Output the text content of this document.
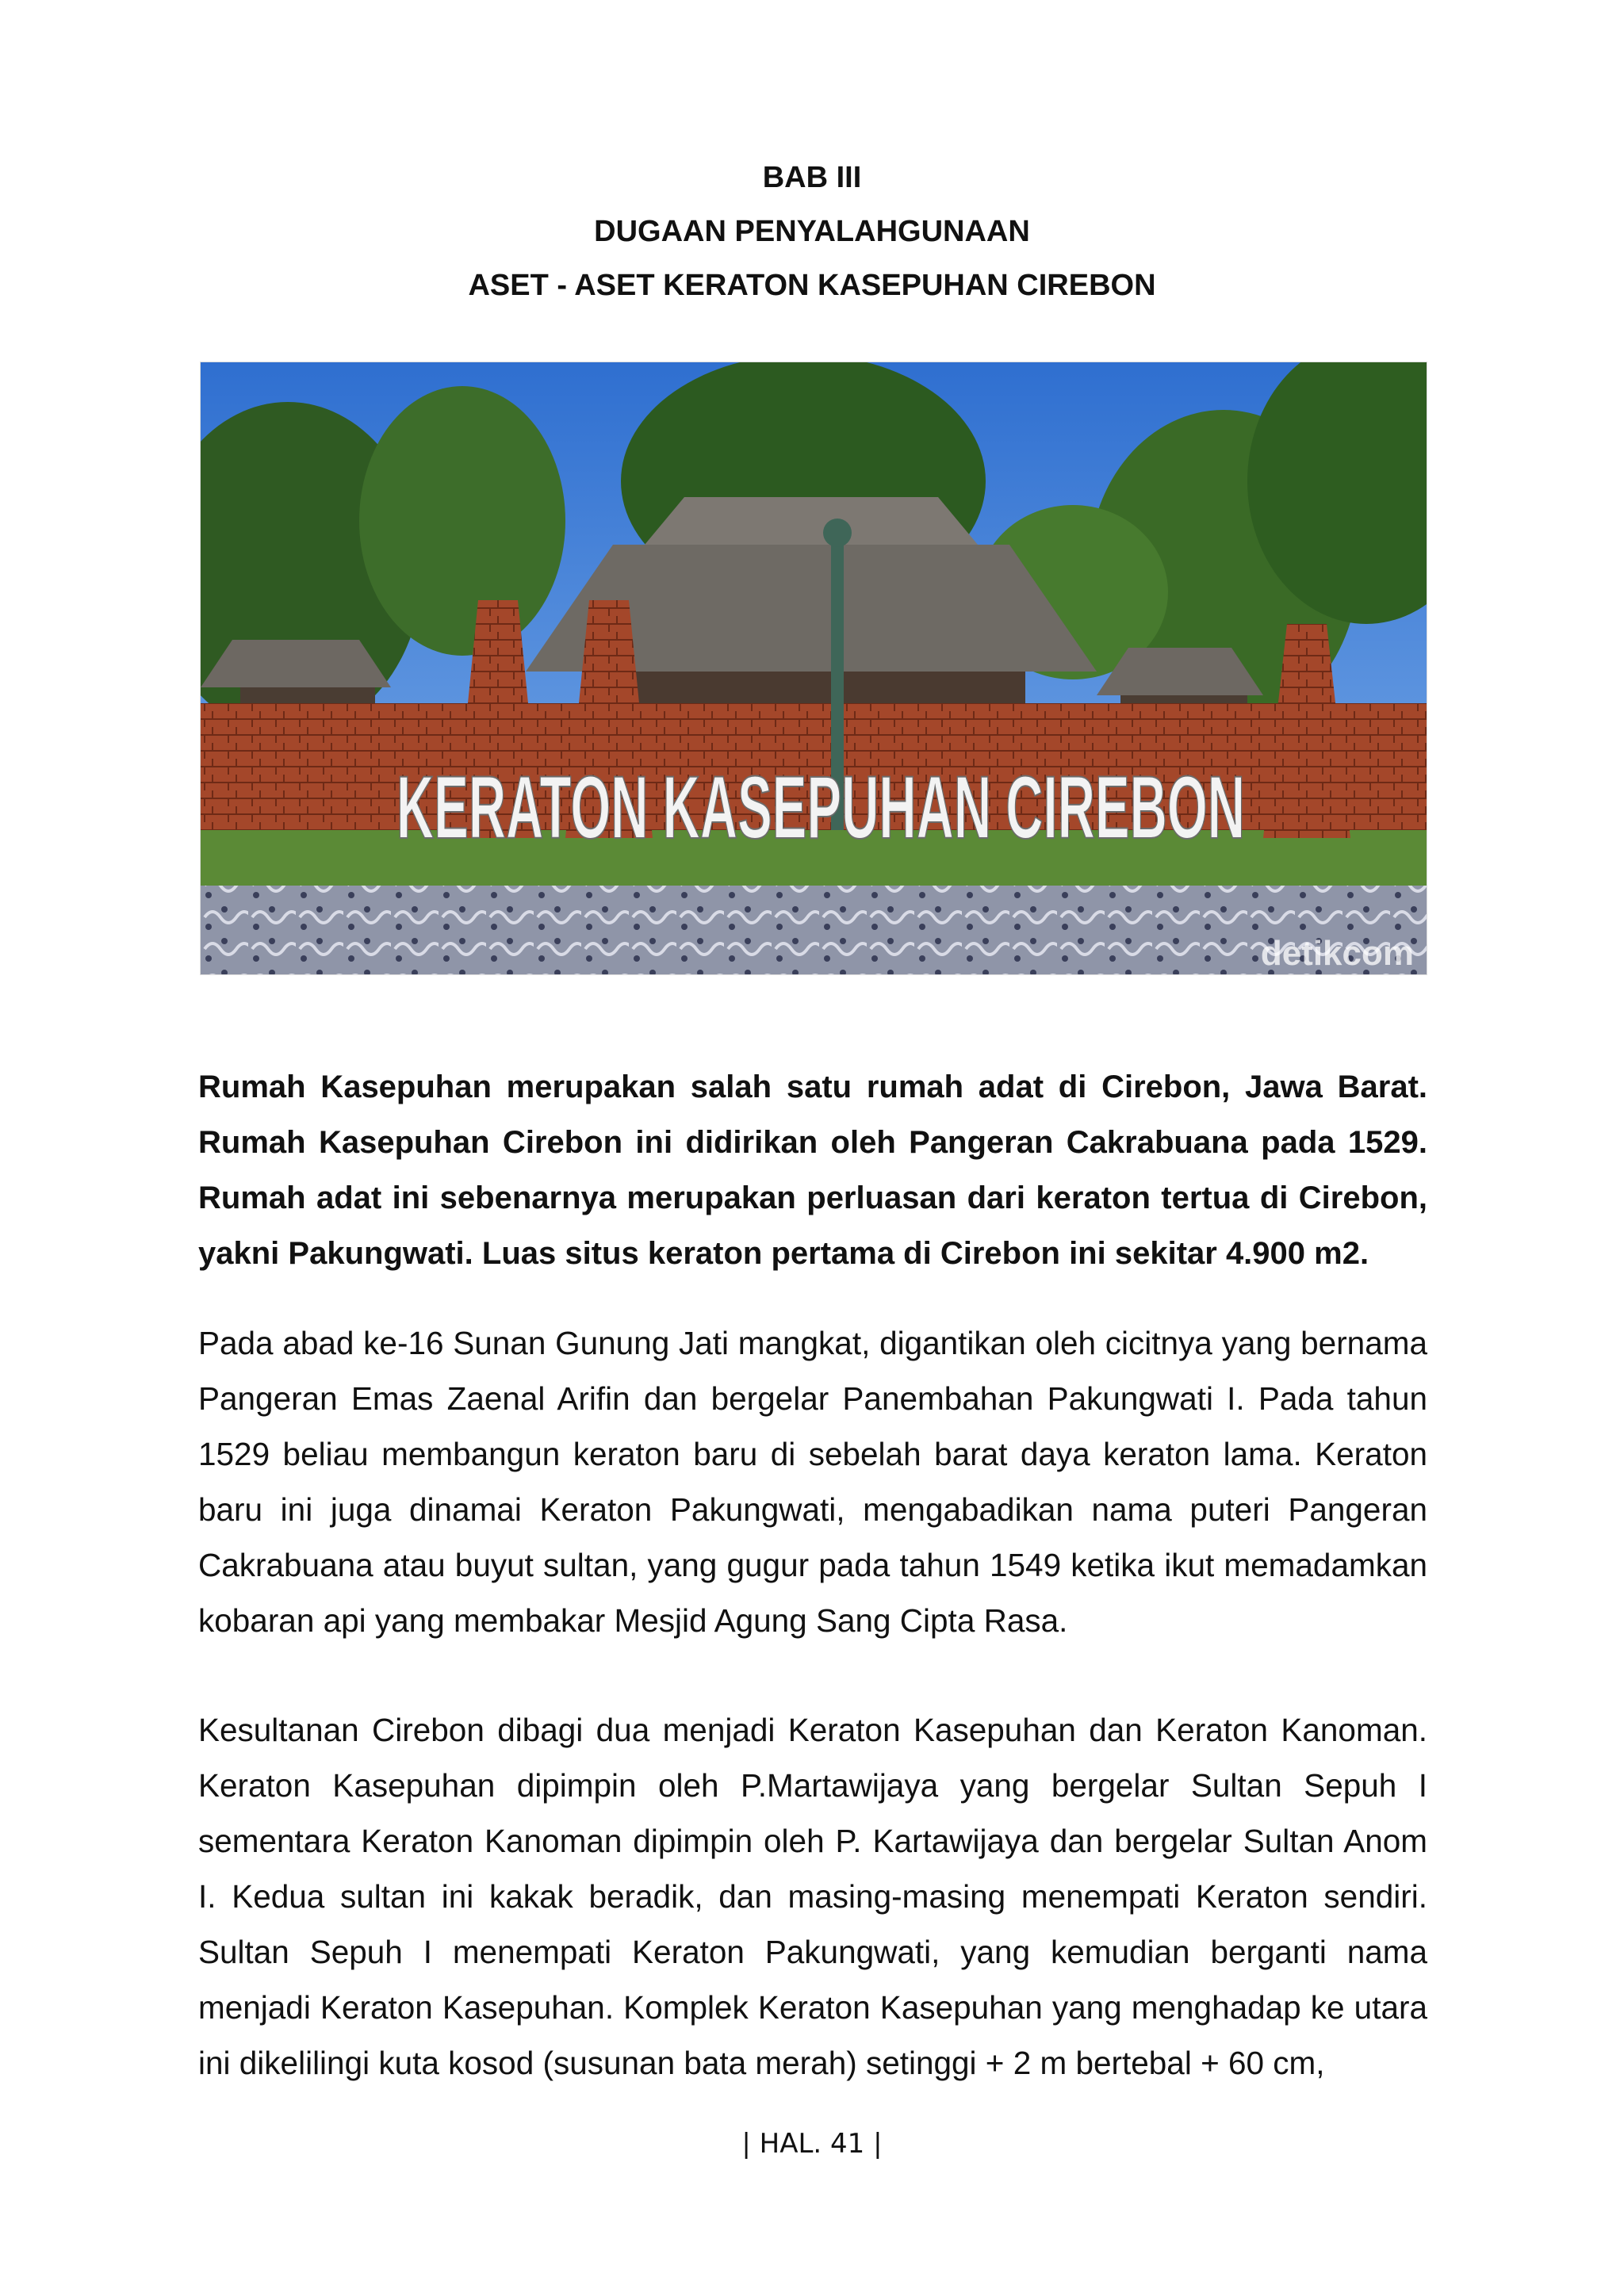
BAB III
DUGAAN PENYALAHGUNAAN
ASET - ASET KERATON KASEPUHAN CIREBON
KERATON KASEPUHAN CIREBON
detikcom

Rumah Kasepuhan merupakan salah satu rumah adat di Cirebon, Jawa Barat. Rumah Kasepuhan Cirebon ini didirikan oleh Pangeran Cakrabuana pada 1529. Rumah adat ini sebenarnya merupakan perluasan dari keraton tertua di Cirebon, yakni Pakungwati. Luas situs keraton pertama di Cirebon ini sekitar 4.900 m2.

Pada abad ke-16 Sunan Gunung Jati mangkat, digantikan oleh cicitnya yang bernama Pangeran Emas Zaenal Arifin dan bergelar Panembahan Pakungwati I. Pada tahun 1529 beliau membangun keraton baru di sebelah barat daya keraton lama. Keraton baru ini juga dinamai Keraton Pakungwati, mengabadikan nama puteri Pangeran Cakrabuana atau buyut sultan, yang gugur pada tahun 1549 ketika ikut memadamkan kobaran api yang membakar Mesjid Agung Sang Cipta Rasa.

Kesultanan Cirebon dibagi dua menjadi Keraton Kasepuhan dan Keraton Kanoman. Keraton Kasepuhan dipimpin oleh P.Martawijaya yang bergelar Sultan Sepuh I sementara Keraton Kanoman dipimpin oleh P. Kartawijaya dan bergelar Sultan Anom I. Kedua sultan ini kakak beradik, dan masing-masing menempati Keraton sendiri. Sultan Sepuh I menempati Keraton Pakungwati, yang kemudian berganti nama menjadi Keraton Kasepuhan. Komplek Keraton Kasepuhan yang menghadap ke utara ini dikelilingi kuta kosod (susunan bata merah) setinggi + 2 m bertebal + 60 cm,

| HAL. 41 |
